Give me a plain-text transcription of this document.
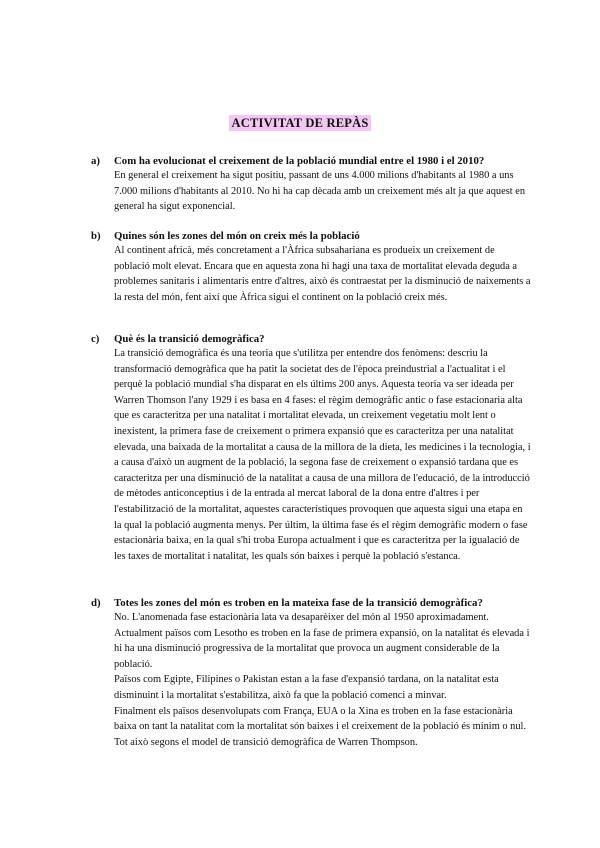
ACTIVITAT DE REPÀS
a) Com ha evolucionat el creixement de la població mundial entre el 1980 i el 2010?

En general el creixement ha sigut positiu, passant de uns 4.000 milions d'habitants al 1980 a uns 7.000 milions d'habitants al 2010. No hi ha cap dècada amb un creixement més alt ja que aquest en general ha sigut exponencial.

b) Quines són les zones del món on creix més la població

Al continent africà, més concretament a l'Àfrica subsahariana es produeix un creixement de població molt elevat. Encara que en aquesta zona hi hagi una taxa de mortalitat elevada deguda a problemes sanitaris i alimentaris entre d'altres, això és contraestat per la disminució de naixements a la resta del món, fent així que Àfrica sigui el continent on la població creix més.

c) Què és la transició demogràfica?

La transició demogràfica és una teoria que s'utilitza per entendre dos fenòmens: descriu la transformació demogràfica que ha patit la societat des de l'època preindustrial a l'actualitat i el perquè la població mundial s'ha disparat en els últims 200 anys. Aquesta teoria va ser ideada per Warren Thomson l'any 1929 i es basa en 4 fases: el règim demogràfic antic o fase estacionaria alta que es caracteritza per una natalitat i mortalitat elevada, un creixement vegetatiu molt lent o inexistent, la primera fase de creixement o primera expansió que es caracteritza per una natalitat elevada, una baixada de la mortalitat a causa de la millora de la dieta, les medicines i la tecnologia, i a causa d'això un augment de la població, la segona fase de creixement o expansió tardana que es caracteritza per una disminució de la natalitat a causa de una millora de l'educació, de la introducció de mètodes anticonceptius i de la entrada al mercat laboral de la dona entre d'altres i per l'estabilització de la mortalitat, aquestes característiques provoquen que aquesta sigui una etapa en la qual la població augmenta menys. Per últim, la última fase és el règim demogràfic modern o fase estacionària baixa, en la qual s'hi troba Europa actualment i que es caracteritza per la igualació de les taxes de mortalitat i natalitat, les quals són baixes i perquè la població s'estanca.

d) Totes les zones del món es troben en la mateixa fase de la transició demogràfica?

No. L'anomenada fase estacionària lata va desaparèixer del món al 1950 aproximadament. Actualment països com Lesotho es troben en la fase de primera expansió, on la natalitat és elevada i hi ha una disminució progressiva de la mortalitat que provoca un augment considerable de la població.

Països com Egipte, Filipines o Pakistan estan a la fase d'expansió tardana, on la natalitat esta disminuint i la mortalitat s'estabilitza, això fa que la població comenci a minvar.

Finalment els països desenvolupats com França, EUA o la Xina es troben en la fase estacionària baixa on tant la natalitat com la mortalitat són baixes i el creixement de la població és mínim o nul.

Tot això segons el model de transició demogràfica de Warren Thompson.
